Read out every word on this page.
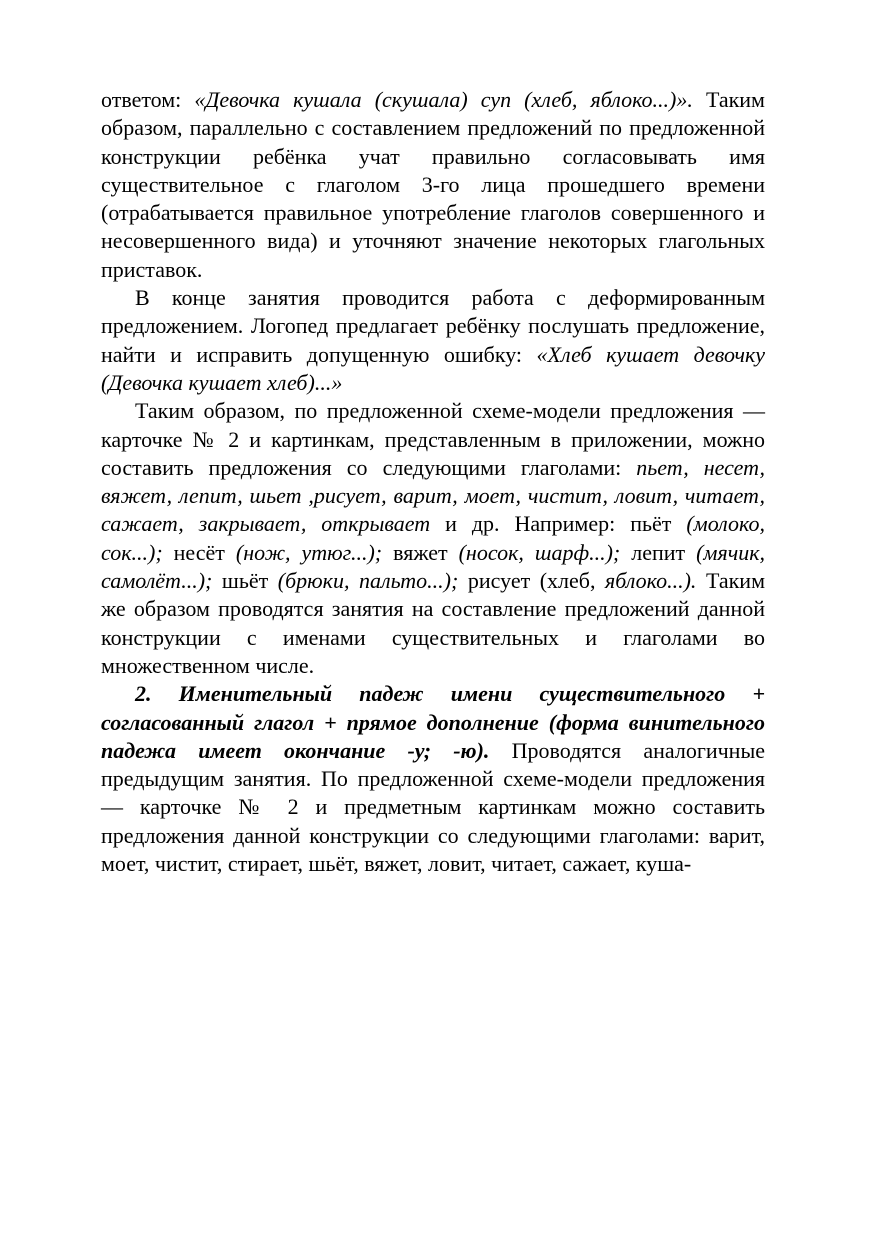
ответом: «Девочка кушала (скушала) суп (хлеб, яблоко...)». Таким образом, параллельно с составлением предложений по предложенной конструкции ребёнка учат правильно согласовывать имя существительное с глаголом 3-го лица прошедшего времени (отрабатывается правильное употребление глаголов совершенного и несовершенного вида) и уточняют значение некоторых глагольных приставок.

В конце занятия проводится работа с деформированным предложением. Логопед предлагает ребёнку послушать предложение, найти и исправить допущенную ошибку: «Хлеб кушает девочку (Девочка кушает хлеб)...»

Таким образом, по предложенной схеме-модели предложения — карточке № 2 и картинкам, представленным в приложении, можно составить предложения со следующими глаголами: пьет, несет, вяжет, лепит, шьет ,рисует, варит, моет, чистит, ловит, читает, сажает, закрывает, открывает и др. Например: пьёт (молоко, сок...); несёт (нож, утюг...); вяжет (носок, шарф...); лепит (мячик, самолёт...); шьёт (брюки, пальто...); рисует (хлеб, яблоко...). Таким же образом проводятся занятия на составление предложений данной конструкции с именами существительных и глаголами во множественном числе.

2. Именительный падеж имени существительного + согласованный глагол + прямое дополнение (форма винительного падежа имеет окончание -у; -ю). Проводятся аналогичные предыдущим занятия. По предложенной схеме-модели предложения — карточке № 2 и предметным картинкам можно составить предложения данной конструкции со следующими глаголами: варит, моет, чистит, стирает, шьёт, вяжет, ловит, читает, сажает, куша-
